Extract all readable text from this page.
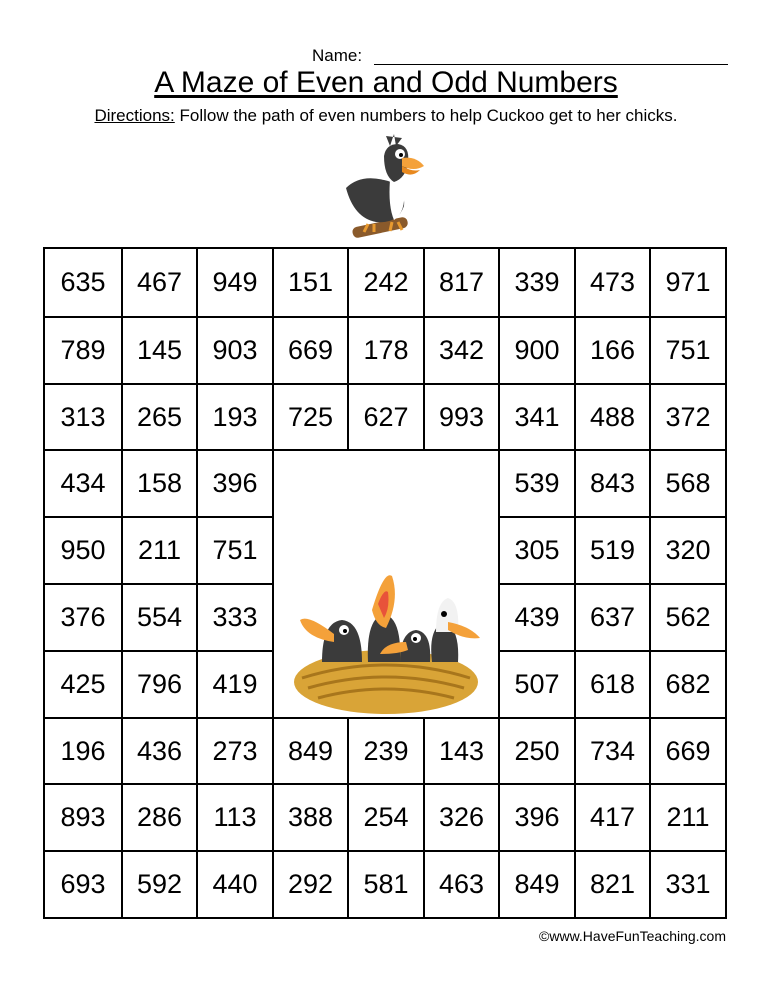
Name:
A Maze of Even and Odd Numbers
Directions: Follow the path of even numbers to help Cuckoo get to her chicks.
635	467	949	151	242	817	339	473	971
789	145	903	669	178	342	900	166	751
313	265	193	725	627	993	341	488	372
434	158	396	539	843	568
950	211	751	305	519	320
376	554	333	439	637	562
425	796	419	507	618	682
196	436	273	849	239	143	250	734	669
893	286	113	388	254	326	396	417	211
693	592	440	292	581	463	849	821	331
©www.HaveFunTeaching.com
